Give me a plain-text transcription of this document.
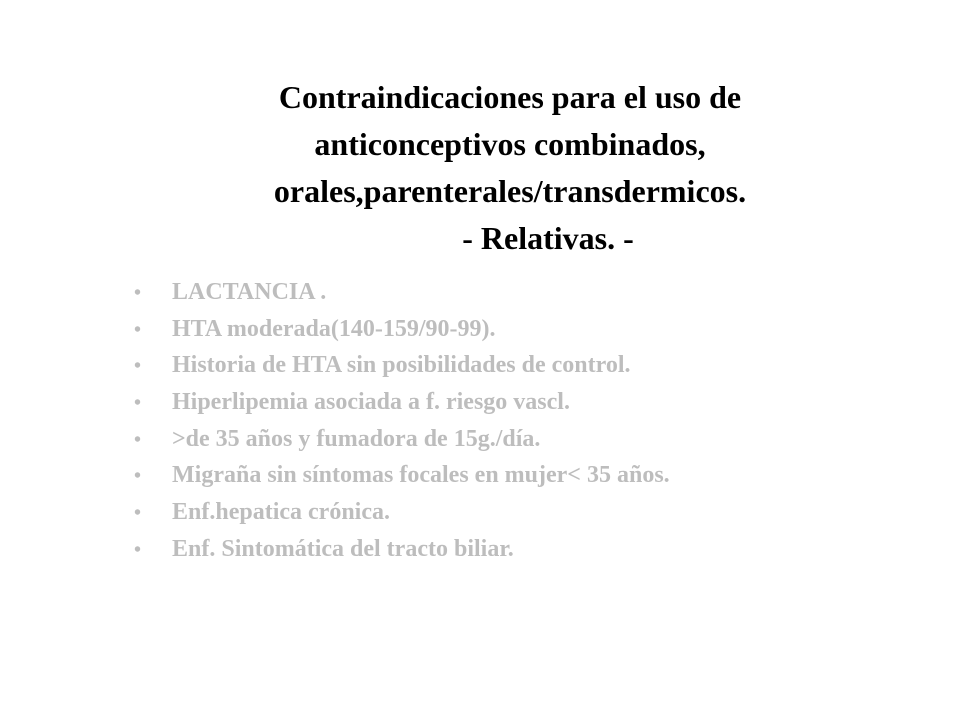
Contraindicaciones para el uso de
anticonceptivos combinados,
orales,parenterales/transdermicos.
- Relativas. -
•	LACTANCIA .
•	HTA moderada(140-159/90-99).
•	Historia de HTA sin posibilidades de control.
•	Hiperlipemia asociada a f. riesgo vascl.
•	>de 35 años y fumadora de 15g./día.
•	Migraña sin síntomas focales en mujer< 35 años.
•	Enf.hepatica crónica.
•	Enf. Sintomática del tracto biliar.
